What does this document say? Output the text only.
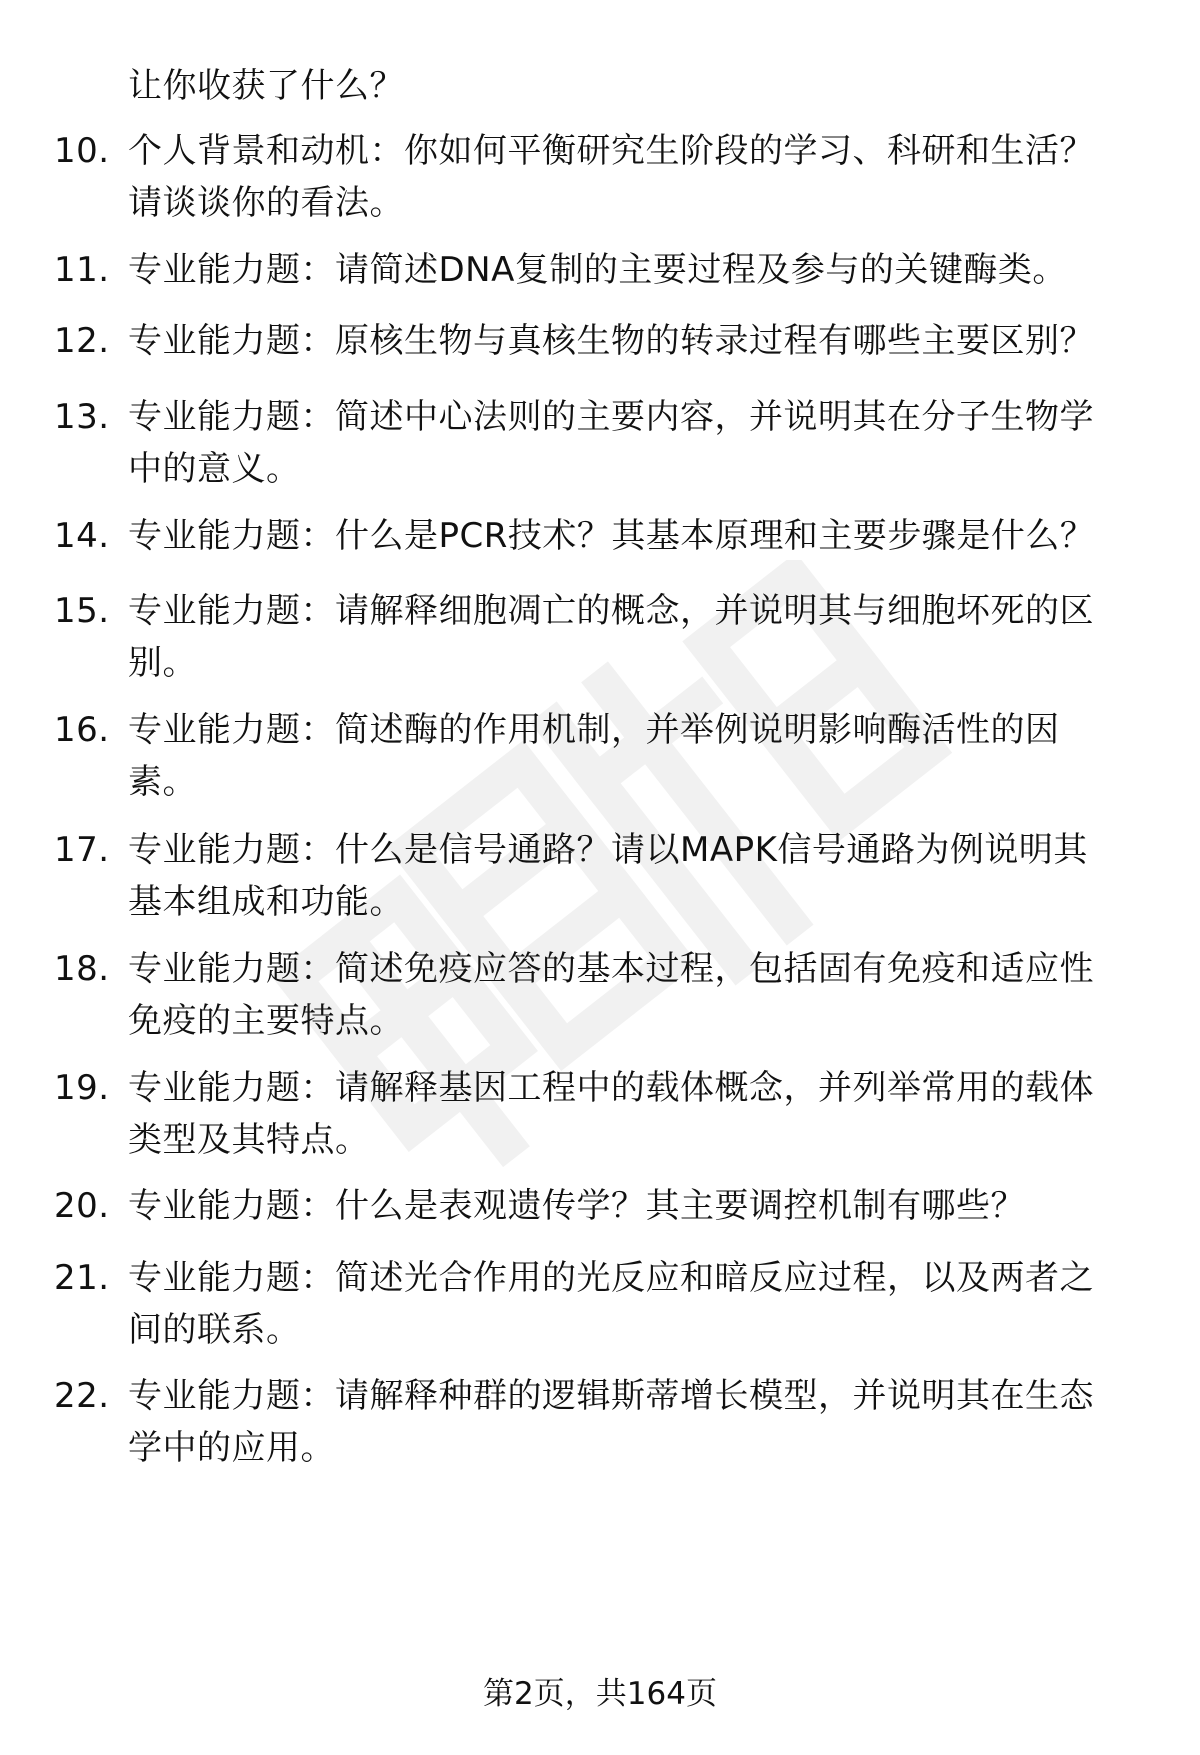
让你收获了什么？
10. 个人背景和动机：你如何平衡研究生阶段的学习、科研和生活？
请谈谈你的看法。
11. 专业能力题：请简述DNA复制的主要过程及参与的关键酶类。
12. 专业能力题：原核生物与真核生物的转录过程有哪些主要区别？
13. 专业能力题：简述中心法则的主要内容，并说明其在分子生物学
中的意义。
14. 专业能力题：什么是PCR技术？其基本原理和主要步骤是什么？
15. 专业能力题：请解释细胞凋亡的概念，并说明其与细胞坏死的区
别。
16. 专业能力题：简述酶的作用机制，并举例说明影响酶活性的因
素。
17. 专业能力题：什么是信号通路？请以MAPK信号通路为例说明其
基本组成和功能。
18. 专业能力题：简述免疫应答的基本过程，包括固有免疫和适应性
免疫的主要特点。
19. 专业能力题：请解释基因工程中的载体概念，并列举常用的载体
类型及其特点。
20. 专业能力题：什么是表观遗传学？其主要调控机制有哪些？
21. 专业能力题：简述光合作用的光反应和暗反应过程，以及两者之
间的联系。
22. 专业能力题：请解释种群的逻辑斯蒂增长模型，并说明其在生态
学中的应用。
第2页，共164页
